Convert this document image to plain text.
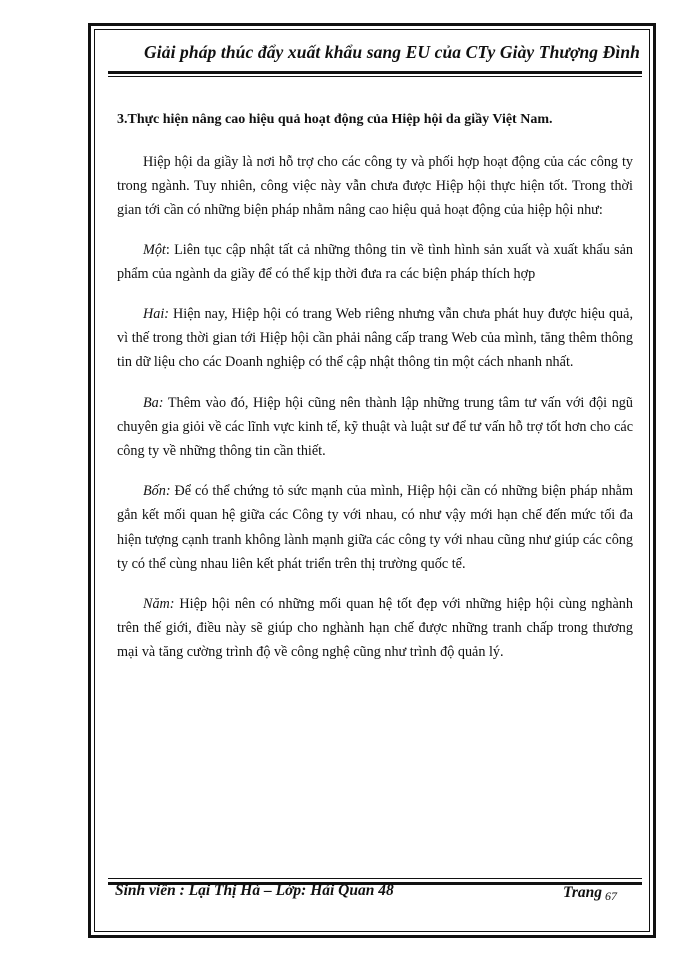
Giải pháp thúc đẩy xuất khẩu sang EU của CTy Giày Thượng Đình
3.Thực hiện nâng cao hiệu quả hoạt động của Hiệp hội da giầy Việt Nam.

Hiệp hội da giầy là nơi hỗ trợ cho các công ty và phối hợp hoạt động của các công ty trong ngành. Tuy nhiên, công việc này vẫn chưa được Hiệp hội thực hiện tốt. Trong thời gian tới cần có những biện pháp nhằm nâng cao hiệu quả hoạt động của hiệp hội như:

Một: Liên tục cập nhật tất cả những thông tin về tình hình sản xuất và xuất khẩu sản phẩm của ngành da giầy để có thể kịp thời đưa ra các biện pháp thích hợp

Hai: Hiện nay, Hiệp hội có trang Web riêng nhưng vẫn chưa phát huy được hiệu quả, vì thế trong thời gian tới Hiệp hội cần phải nâng cấp trang Web của mình, tăng thêm thông tin dữ liệu cho các Doanh nghiệp có thể cập nhật thông tin một cách nhanh nhất.

Ba: Thêm vào đó, Hiệp hội cũng nên thành lập những trung tâm tư vấn với đội ngũ chuyên gia giỏi về các lĩnh vực kinh tế, kỹ thuật và luật sư để tư vấn hỗ trợ tốt hơn cho các công ty về những thông tin cần thiết.

Bốn: Để có thể chứng tỏ sức mạnh của mình, Hiệp hội cần có những biện pháp nhằm gắn kết mối quan hệ giữa các Công ty với nhau, có như vậy mới hạn chế đến mức tối đa hiện tượng cạnh tranh không lành mạnh giữa các công ty với nhau cũng như giúp các công ty có thể cùng nhau liên kết phát triển trên thị trường quốc tế.

Năm: Hiệp hội nên có những mối quan hệ tốt đẹp với những hiệp hội cùng nghành trên thế giới, điều này sẽ giúp cho nghành hạn chế được những tranh chấp trong thương mại và tăng cường trình độ về công nghệ cũng như trình độ quản lý.

Sinh viên : Lại Thị Hà – Lớp: Hải Quan 48	Trang 67
